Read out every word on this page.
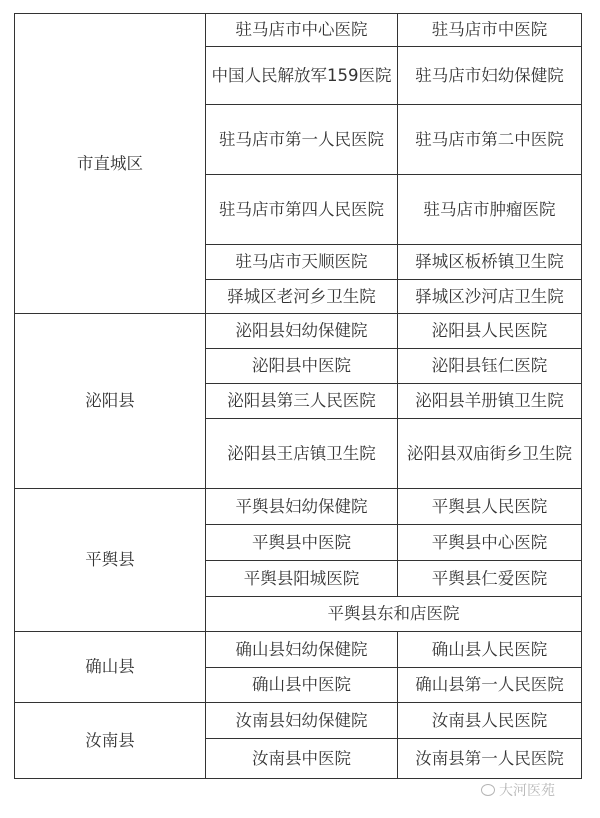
市直城区	驻马店市中心医院	驻马店市中医院
	中国人民解放军159医院	驻马店市妇幼保健院
	驻马店市第一人民医院	驻马店市第二中医院
	驻马店市第四人民医院	驻马店市肿瘤医院
	驻马店市天顺医院	驿城区板桥镇卫生院
	驿城区老河乡卫生院	驿城区沙河店卫生院
泌阳县	泌阳县妇幼保健院	泌阳县人民医院
	泌阳县中医院	泌阳县钰仁医院
	泌阳县第三人民医院	泌阳县羊册镇卫生院
	泌阳县王店镇卫生院	泌阳县双庙街乡卫生院
平舆县	平舆县妇幼保健院	平舆县人民医院
	平舆县中医院	平舆县中心医院
	平舆县阳城医院	平舆县仁爱医院
	平舆县东和店医院	
确山县	确山县妇幼保健院	确山县人民医院
	确山县中医院	确山县第一人民医院
汝南县	汝南县妇幼保健院	汝南县人民医院
	汝南县中医院	汝南县第一人民医院
大河医苑
